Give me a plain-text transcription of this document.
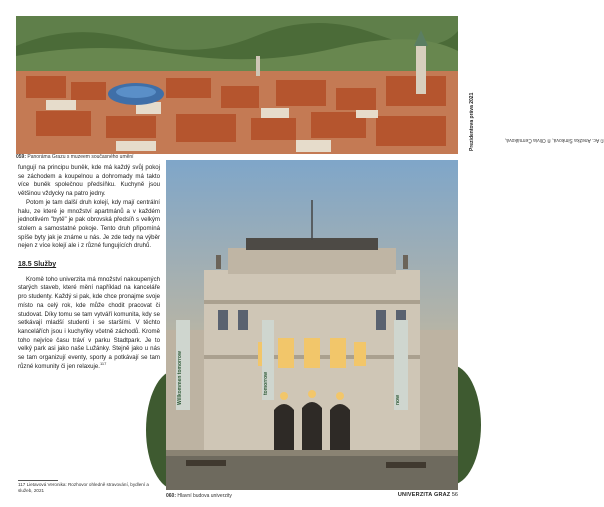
059: Panoráma Grazu s muzeem současného umění
© Ac. Anežka Šimková, ® Olivia Čermáková,
Prezidentova práva 2021

fungují na principu buněk, kde má každý svůj pokoj se záchodem a koupelnou a dohromady má takto více buněk společnou předsíňku. Kuchyně jsou většinou vždycky na patro jedny.

Potom je tam další druh kolejí, kdy mají centrální halu, ze které je množství apartmánů a v každém jednotlivém "bytě" je pak obrovská předsíň s velkým stolem a samostatné pokoje. Tento druh připomíná spíše byty jak je známe u nás. Je zde tedy na výběr nejen z více kolejí ale i z různé fungujících druhů.

18.5 Služby

Kromě toho univerzita má množství nakoupených starých staveb, které mění například na kanceláře pro studenty. Každý si pak, kde chce pronajme svoje místo na celý rok, kde může chodit pracovat či studovat. Díky tomu se tam vytváří komunita, kdy se setkávají mladší studenti i se staršími. V těchto kancelářích jsou i kuchyňky včetně záchodů. Kromě toho nejvíce času tráví v parku Stadtpark. Je to velký park asi jako naše Lužánky. Stejně jako u nás se tam organizují eventy, sporty a potkávají se tam různé komunity či jen relaxuje.$^{117}$

117 Lietavová Veronika: Rozhovor ohledně stravování, bydlení a služeb, 2021
Willkommen tomorrow	tomorrow
now
060: Hlavní budova univerzity	UNIVERZITA GRAZ 56
